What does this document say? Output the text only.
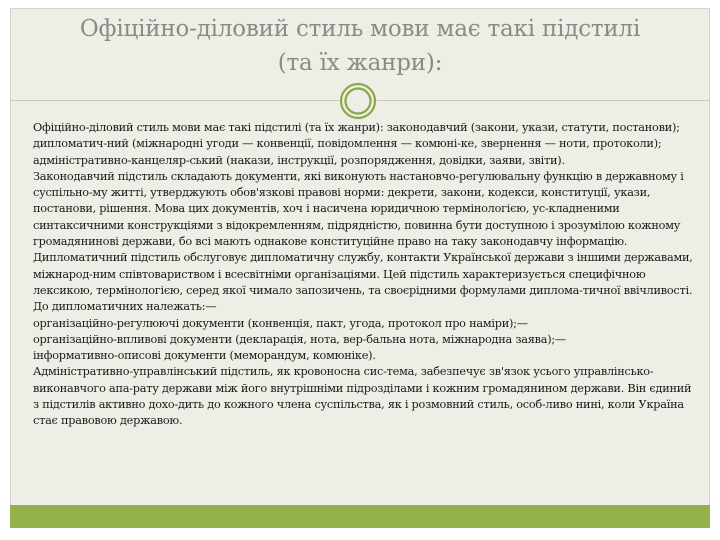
Офіційно-діловий стиль мови має такі підстилі
(та їх жанри):

Офіційно-діловий стиль мови має такі підстилі (та їх жанри): законодавчий (закони, укази, статути, постанови); дипломатич-ний (міжнародні угоди — конвенції, повідомлення — комюні-ке, звернення — ноти, протоколи); адміністративно-канцеляр-ський (накази, інструкції, розпорядження, довідки, заяви, звіти).

Законодавчий підстиль складають документи, які виконують настановчо-регулювальну функцію в державному і суспільно-му житті, утверджують обов'язкові правові норми: декрети, закони, кодекси, конституції, укази, постанови, рішення. Мова цих документів, хоч і насичена юридичною термінологією, ус-кладненими синтаксичними конструкціями з відокремленням, підрядністю, повинна бути доступною і зрозумілою кожному громадянинові держави, бо всі мають однакове конституційне право на таку законодавчу інформацію.

Дипломатичний підстиль обслуговує дипломатичну службу, контакти Української держави з іншими державами, міжнарод-ним співтовариством і всесвітніми організаціями. Цей підстиль характеризується специфічною лексикою, термінологією, серед якої чимало запозичень, та своєрідними формулами диплома-тичної ввічливості.

До дипломатичних належать:—

організаційно-регулюючі документи (конвенція, пакт, угода, протокол про наміри);—

організаційно-впливові документи (декларація, нота, вер-бальна нота, міжнародна заява);—

інформативно-описові документи (меморандум, комюніке).

Адміністративно-управлінський підстиль, як кровоносна сис-тема, забезпечує зв'язок усього управлінсько-виконавчого апа-рату держави між його внутрішніми підрозділами і кожним громадянином держави. Він єдиний з підстилів активно дохо-дить до кожного члена суспільства, як і розмовний стиль, особ-ливо нині, коли Україна стає правовою державою.
